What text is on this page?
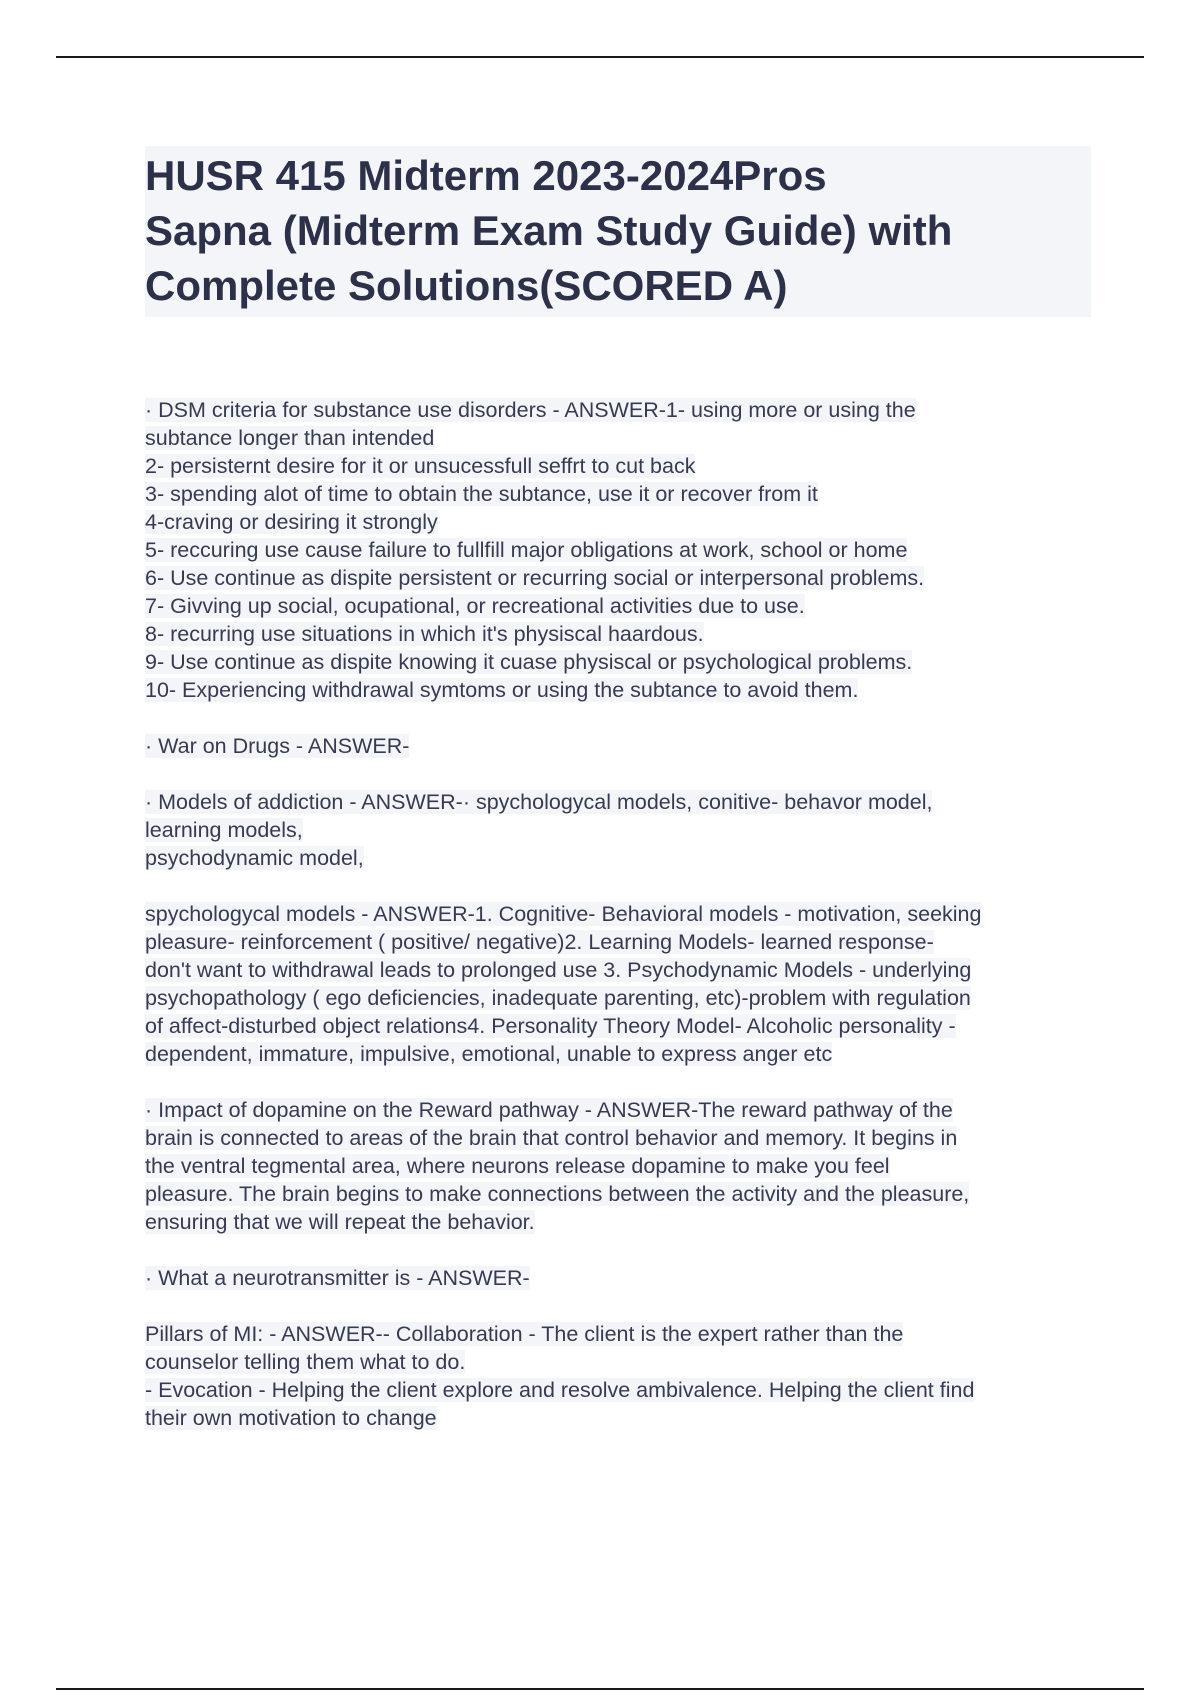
HUSR 415 Midterm 2023-2024Pros
Sapna (Midterm Exam Study Guide) with
Complete Solutions(SCORED A)
· DSM criteria for substance use disorders - ANSWER-1- using more or using the
subtance longer than intended
2- persisternt desire for it or unsucessfull seffrt to cut back
3- spending alot of time to obtain the subtance, use it or recover from it
4-craving or desiring it strongly
5- reccuring use cause failure to fullfill major obligations at work, school or home
6- Use continue as dispite persistent or recurring social or interpersonal problems.
7- Givving up social, ocupational, or recreational activities due to use.
8- recurring use situations in which it's physiscal haardous.
9- Use continue as dispite knowing it cuase physiscal or psychological problems.
10- Experiencing withdrawal symtoms or using the subtance to avoid them.
· War on Drugs - ANSWER-
· Models of addiction - ANSWER-· spychologycal models, conitive- behavor model,
learning models,
psychodynamic model,
spychologycal models - ANSWER-1. Cognitive- Behavioral models - motivation, seeking
pleasure- reinforcement ( positive/ negative)2. Learning Models- learned response-
don't want to withdrawal leads to prolonged use 3. Psychodynamic Models - underlying
psychopathology ( ego deficiencies, inadequate parenting, etc)-problem with regulation
of affect-disturbed object relations4. Personality Theory Model- Alcoholic personality -
dependent, immature, impulsive, emotional, unable to express anger etc
· Impact of dopamine on the Reward pathway - ANSWER-The reward pathway of the
brain is connected to areas of the brain that control behavior and memory. It begins in
the ventral tegmental area, where neurons release dopamine to make you feel
pleasure. The brain begins to make connections between the activity and the pleasure,
ensuring that we will repeat the behavior.
· What a neurotransmitter is - ANSWER-
Pillars of MI: - ANSWER-- Collaboration - The client is the expert rather than the
counselor telling them what to do.
- Evocation - Helping the client explore and resolve ambivalence. Helping the client find
their own motivation to change
